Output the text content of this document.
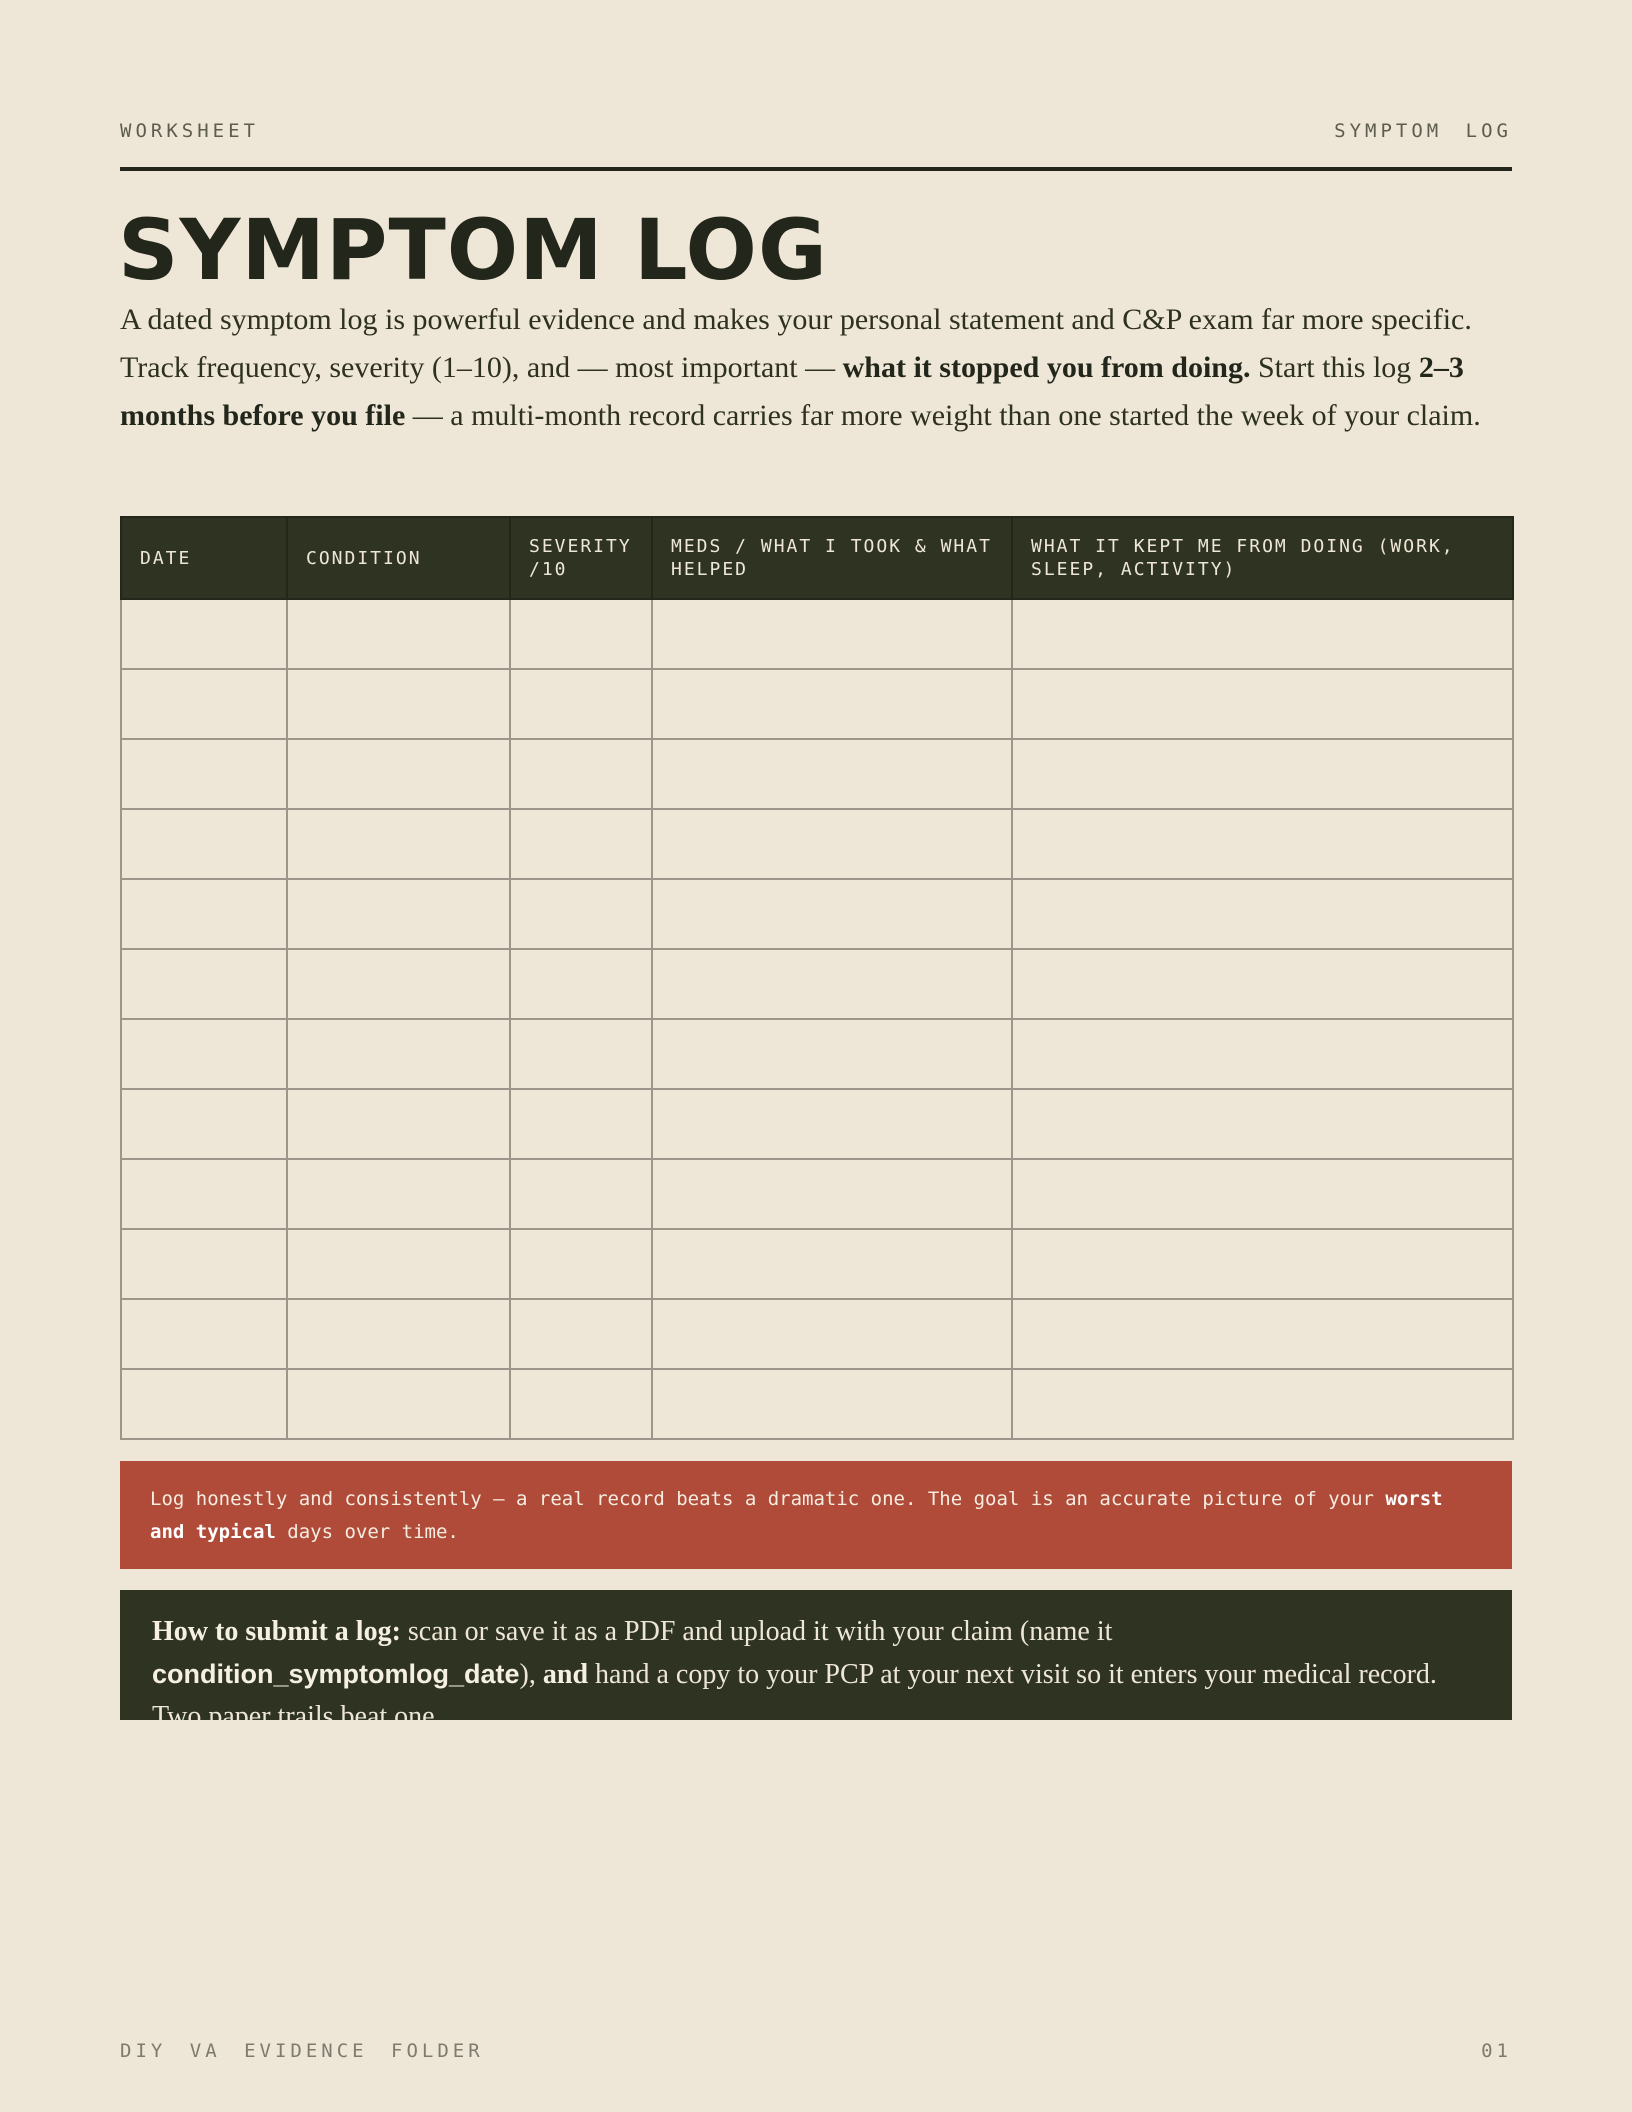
WORKSHEET	SYMPTOM LOG
SYMPTOM LOG

A dated symptom log is powerful evidence and makes your personal statement and C&P exam far more specific. Track frequency, severity (1–10), and — most important — what it stopped you from doing. Start this log 2–3 months before you file — a multi-month record carries far more weight than one started the week of your claim.

DATE	CONDITION	SEVERITY /10	MEDS / WHAT I TOOK & WHAT HELPED	WHAT IT KEPT ME FROM DOING (WORK, SLEEP, ACTIVITY)

Log honestly and consistently — a real record beats a dramatic one. The goal is an accurate picture of your worst and typical days over time.
How to submit a log: scan or save it as a PDF and upload it with your claim (name it condition_symptomlog_date), and hand a copy to your PCP at your next visit so it enters your medical record. Two paper trails beat one.
DIY VA EVIDENCE FOLDER	01
